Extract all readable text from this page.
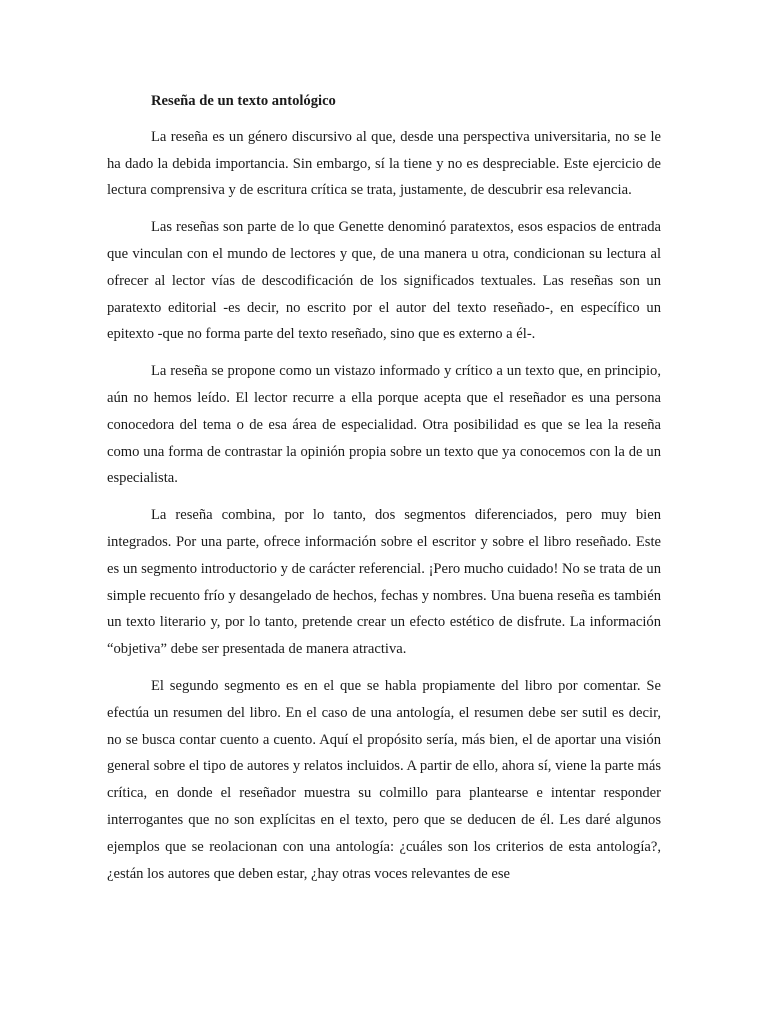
Reseña de un texto antológico

La reseña es un género discursivo al que, desde una perspectiva universitaria, no se le ha dado la debida importancia. Sin embargo, sí la tiene y no es despreciable. Este ejercicio de lectura comprensiva y de escritura crítica se trata, justamente, de descubrir esa relevancia.

Las reseñas son parte de lo que Genette denominó paratextos, esos espacios de entrada que vinculan con el mundo de lectores y que, de una manera u otra, condicionan su lectura al ofrecer al lector vías de descodificación de los significados textuales. Las reseñas son un paratexto editorial -es decir, no escrito por el autor del texto reseñado-, en específico un epitexto -que no forma parte del texto reseñado, sino que es externo a él-.

La reseña se propone como un vistazo informado y crítico a un texto que, en principio, aún no hemos leído. El lector recurre a ella porque acepta que el reseñador es una persona conocedora del tema o de esa área de especialidad. Otra posibilidad es que se lea la reseña como una forma de contrastar la opinión propia sobre un texto que ya conocemos con la de un especialista.

La reseña combina, por lo tanto, dos segmentos diferenciados, pero muy bien integrados. Por una parte, ofrece información sobre el escritor y sobre el libro reseñado. Este es un segmento introductorio y de carácter referencial. ¡Pero mucho cuidado! No se trata de un simple recuento frío y desangelado de hechos, fechas y nombres. Una buena reseña es también un texto literario y, por lo tanto, pretende crear un efecto estético de disfrute. La información “objetiva” debe ser presentada de manera atractiva.

El segundo segmento es en el que se habla propiamente del libro por comentar. Se efectúa un resumen del libro. En el caso de una antología, el resumen debe ser sutil es decir, no se busca contar cuento a cuento. Aquí el propósito sería, más bien, el de aportar una visión general sobre el tipo de autores y relatos incluidos. A partir de ello, ahora sí, viene la parte más crítica, en donde el reseñador muestra su colmillo para plantearse e intentar responder interrogantes que no son explícitas en el texto, pero que se deducen de él. Les daré algunos ejemplos que se reolacionan con una antología: ¿cuáles son los criterios de esta antología?, ¿están los autores que deben estar, ¿hay otras voces relevantes de ese
